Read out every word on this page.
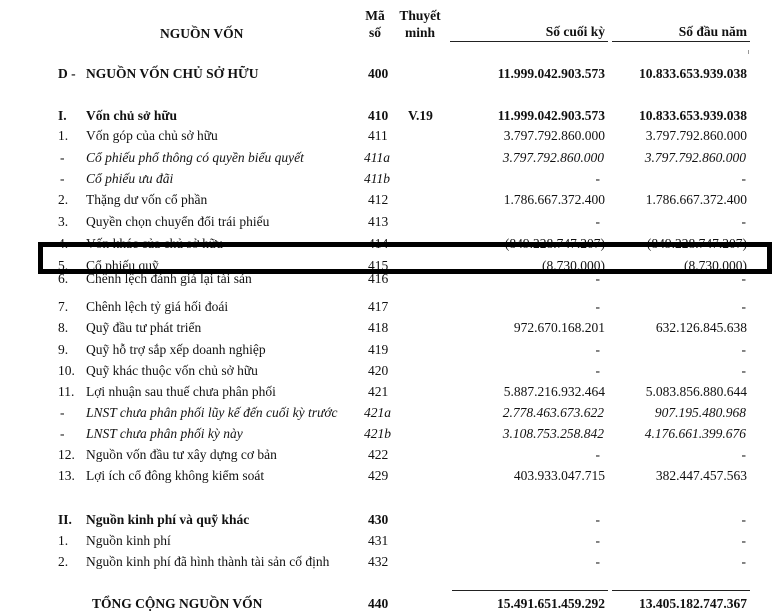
NGUỒN VỐN
Mã
số
Thuyết
minh	Số cuối kỳ	Số đầu năm
D - NGUỒN VỐN CHỦ SỞ HỮU	400	11.999.042.903.573	10.833.653.939.038
I. Vốn chủ sở hữu	410 V.19	11.999.042.903.573	10.833.653.939.038
1. Vốn góp của chủ sở hữu	411	3.797.792.860.000	3.797.792.860.000
- Cổ phiếu phổ thông có quyền biểu quyết	411a	3.797.792.860.000	3.797.792.860.000
- Cổ phiếu ưu đãi	411b	-	-
2. Thặng dư vốn cổ phần	412	1.786.667.372.400	1.786.667.372.400
3. Quyền chọn chuyển đổi trái phiếu	413	-	-
4. Vốn khác của chủ sở hữu	414	(849.228.747.207)	(849.228.747.207)
5. Cổ phiếu quỹ	415	(8.730.000)	(8.730.000)
6. Chênh lệch đánh giá lại tài sản	416	-	-
7. Chênh lệch tỷ giá hối đoái	417	-	-
8. Quỹ đầu tư phát triển	418	972.670.168.201	632.126.845.638
9. Quỹ hỗ trợ sắp xếp doanh nghiệp	419	-	-
10. Quỹ khác thuộc vốn chủ sở hữu	420	-	-
11. Lợi nhuận sau thuế chưa phân phối	421	5.887.216.932.464	5.083.856.880.644
- LNST chưa phân phối lũy kế đến cuối kỳ trước 421a	2.778.463.673.622	907.195.480.968
- LNST chưa phân phối kỳ này	421b	3.108.753.258.842	4.176.661.399.676
12. Nguồn vốn đầu tư xây dựng cơ bản	422	-	-
13. Lợi ích cổ đông không kiểm soát	429	403.933.047.715	382.447.457.563
II. Nguồn kinh phí và quỹ khác	430	-	-
1. Nguồn kinh phí	431	-	-
2. Nguồn kinh phí đã hình thành tài sản cố định	432	-	-
TỔNG CỘNG NGUỒN VỐN	440	15.491.651.459.292	13.405.182.747.367
